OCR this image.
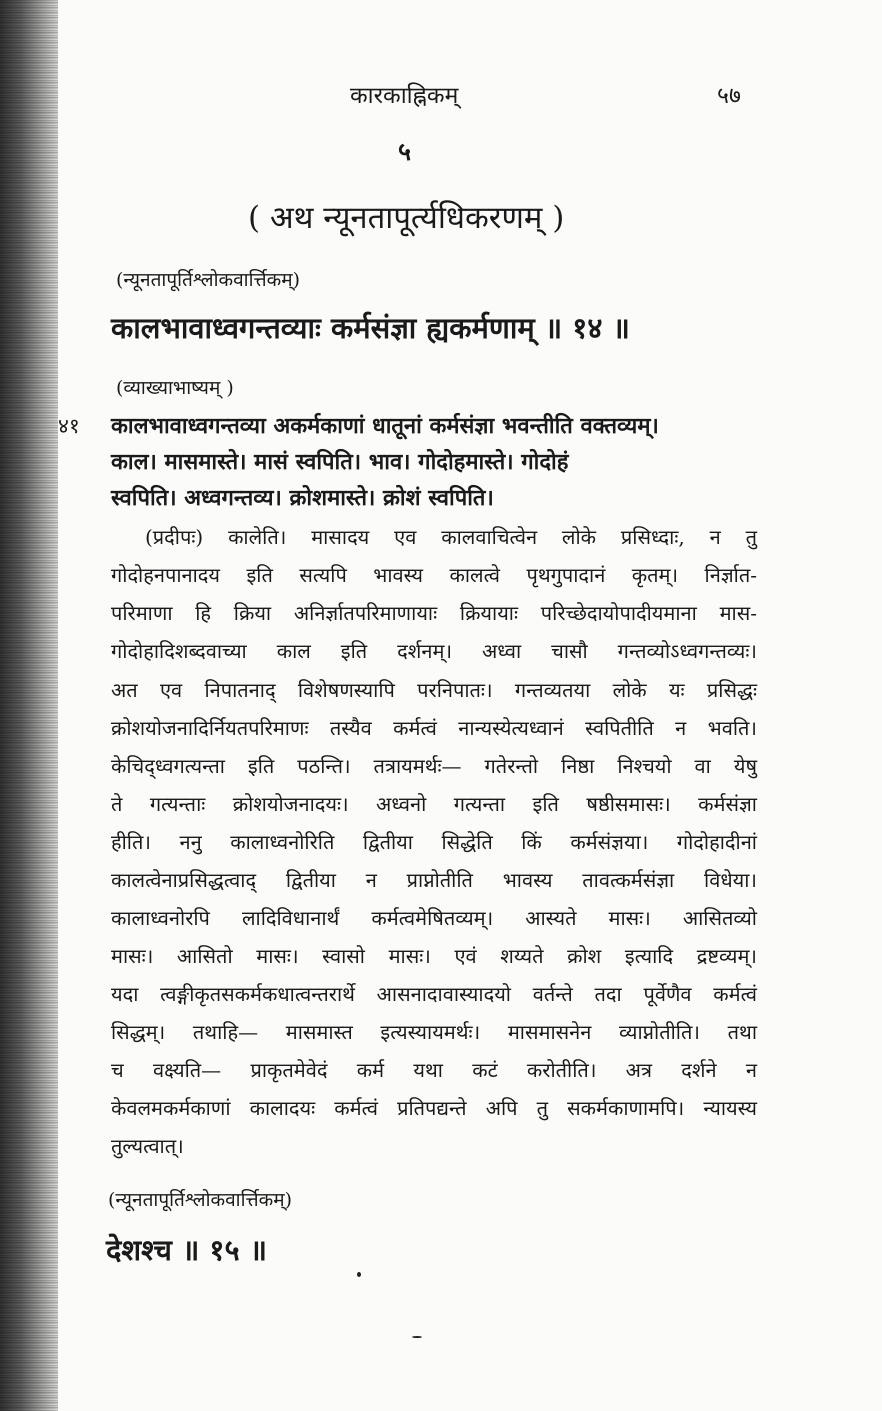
कारकाह्निकम्	५७
५
( अथ न्यूनतापूर्त्यधिकरणम् )
(न्यूनतापूर्तिश्लोकवार्त्तिकम्)
कालभावाध्वगन्तव्याः कर्मसंज्ञा ह्यकर्मणाम् ॥ १४ ॥
(व्याख्याभाष्यम् )
४१ कालभावाध्वगन्तव्या अकर्मकाणां धातूनां कर्मसंज्ञा भवन्तीति वक्तव्यम्।
काल। मासमास्ते। मासं स्वपिति। भाव। गोदोहमास्ते। गोदोहं
स्वपिति। अध्वगन्तव्य। क्रोशमास्ते। क्रोशं स्वपिति।
(प्रदीपः) कालेति। मासादय एव कालवाचित्वेन लोके प्रसिध्दाः, न तु
गोदोहनपानादय इति सत्यपि भावस्य कालत्वे पृथगुपादानं कृतम्। निर्ज्ञात-
परिमाणा हि क्रिया अनिर्ज्ञातपरिमाणायाः क्रियायाः परिच्छेदायोपादीयमाना मास-
गोदोहादिशब्दवाच्या काल इति दर्शनम्। अध्वा चासौ गन्तव्योऽध्वगन्तव्यः।
अत एव निपातनाद् विशेषणस्यापि परनिपातः। गन्तव्यतया लोके यः प्रसिद्धः
क्रोशयोजनादिर्नियतपरिमाणः तस्यैव कर्मत्वं नान्यस्येत्यध्वानं स्वपितीति न भवति।
केचिद्ध्वगत्यन्ता इति पठन्ति। तत्रायमर्थः— गतेरन्तो निष्ठा निश्चयो वा येषु
ते गत्यन्ताः क्रोशयोजनादयः। अध्वनो गत्यन्ता इति षष्ठीसमासः। कर्मसंज्ञा
हीति। ननु कालाध्वनोरिति द्वितीया सिद्धेति किं कर्मसंज्ञया। गोदोहादीनां
कालत्वेनाप्रसिद्धत्वाद् द्वितीया न प्राप्नोतीति भावस्य तावत्कर्मसंज्ञा विधेया।
कालाध्वनोरपि लादिविधानार्थं कर्मत्वमेषितव्यम्। आस्यते मासः। आसितव्यो
मासः। आसितो मासः। स्वासो मासः। एवं शय्यते क्रोश इत्यादि द्रष्टव्यम्।
यदा त्वङ्गीकृतसकर्मकधात्वन्तरार्थे आसनादावास्यादयो वर्तन्ते तदा पूर्वेणैव कर्मत्वं
सिद्धम्। तथाहि— मासमास्त इत्यस्यायमर्थः। मासमासनेन व्याप्नोतीति। तथा
च वक्ष्यति— प्राकृतमेवेदं कर्म यथा कटं करोतीति। अत्र दर्शने न
केवलमकर्मकाणां कालादयः कर्मत्वं प्रतिपद्यन्ते अपि तु सकर्मकाणामपि। न्यायस्य
तुल्यत्वात्।
(न्यूनतापूर्तिश्लोकवार्त्तिकम्)
देशश्च ॥ १५ ॥
